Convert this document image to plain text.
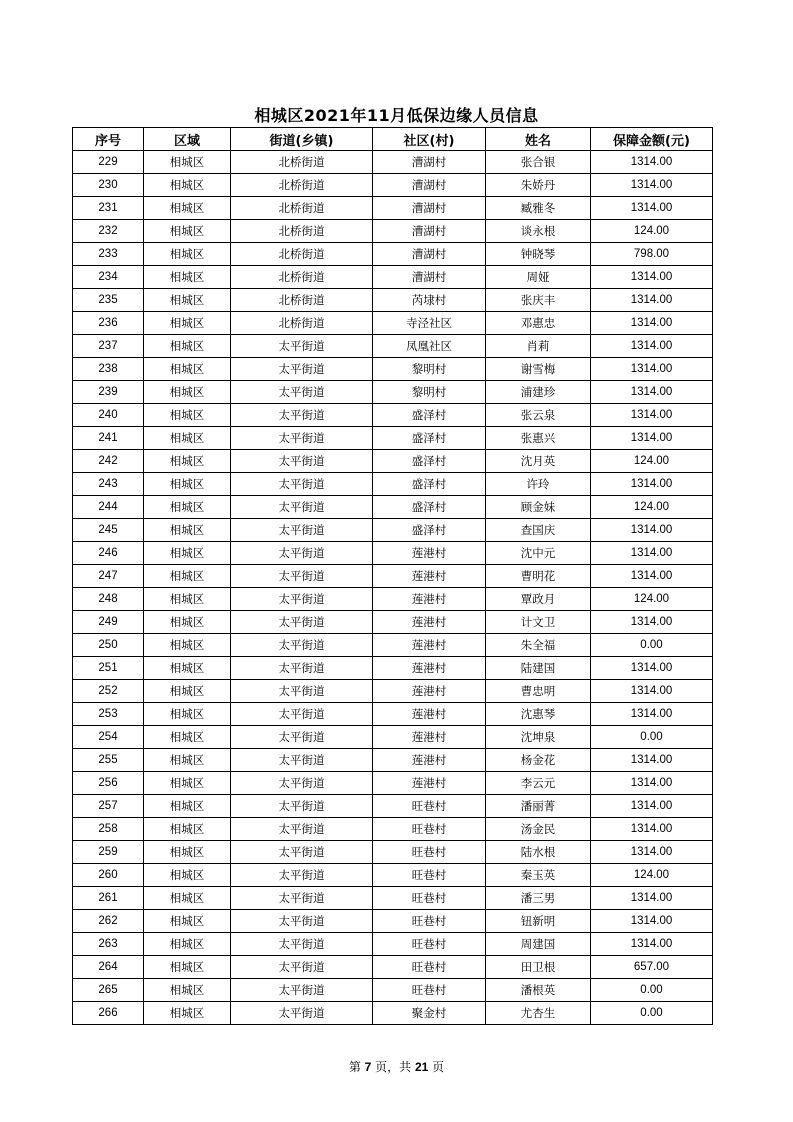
相城区2021年11月低保边缘人员信息
序号	区域	街道(乡镇)	社区(村)	姓名	保障金额(元)
229	相城区	北桥街道	漕湖村	张合银	1314.00
230	相城区	北桥街道	漕湖村	朱娇丹	1314.00
231	相城区	北桥街道	漕湖村	臧雅冬	1314.00
232	相城区	北桥街道	漕湖村	谈永根	124.00
233	相城区	北桥街道	漕湖村	钟晓琴	798.00
234	相城区	北桥街道	漕湖村	周娅	1314.00
235	相城区	北桥街道	芮埭村	张庆丰	1314.00
236	相城区	北桥街道	寺泾社区	邓惠忠	1314.00
237	相城区	太平街道	凤凰社区	肖莉	1314.00
238	相城区	太平街道	黎明村	谢雪梅	1314.00
239	相城区	太平街道	黎明村	浦建珍	1314.00
240	相城区	太平街道	盛泽村	张云泉	1314.00
241	相城区	太平街道	盛泽村	张惠兴	1314.00
242	相城区	太平街道	盛泽村	沈月英	124.00
243	相城区	太平街道	盛泽村	许玲	1314.00
244	相城区	太平街道	盛泽村	顾金妹	124.00
245	相城区	太平街道	盛泽村	查国庆	1314.00
246	相城区	太平街道	莲港村	沈中元	1314.00
247	相城区	太平街道	莲港村	曹明花	1314.00
248	相城区	太平街道	莲港村	覃政月	124.00
249	相城区	太平街道	莲港村	计文卫	1314.00
250	相城区	太平街道	莲港村	朱全福	0.00
251	相城区	太平街道	莲港村	陆建国	1314.00
252	相城区	太平街道	莲港村	曹忠明	1314.00
253	相城区	太平街道	莲港村	沈惠琴	1314.00
254	相城区	太平街道	莲港村	沈坤泉	0.00
255	相城区	太平街道	莲港村	杨金花	1314.00
256	相城区	太平街道	莲港村	李云元	1314.00
257	相城区	太平街道	旺巷村	潘丽菁	1314.00
258	相城区	太平街道	旺巷村	汤金民	1314.00
259	相城区	太平街道	旺巷村	陆水根	1314.00
260	相城区	太平街道	旺巷村	秦玉英	124.00
261	相城区	太平街道	旺巷村	潘三男	1314.00
262	相城区	太平街道	旺巷村	钮新明	1314.00
263	相城区	太平街道	旺巷村	周建国	1314.00
264	相城区	太平街道	旺巷村	田卫根	657.00
265	相城区	太平街道	旺巷村	潘根英	0.00
266	相城区	太平街道	聚金村	尤杏生	0.00
第 7 页，共 21 页
